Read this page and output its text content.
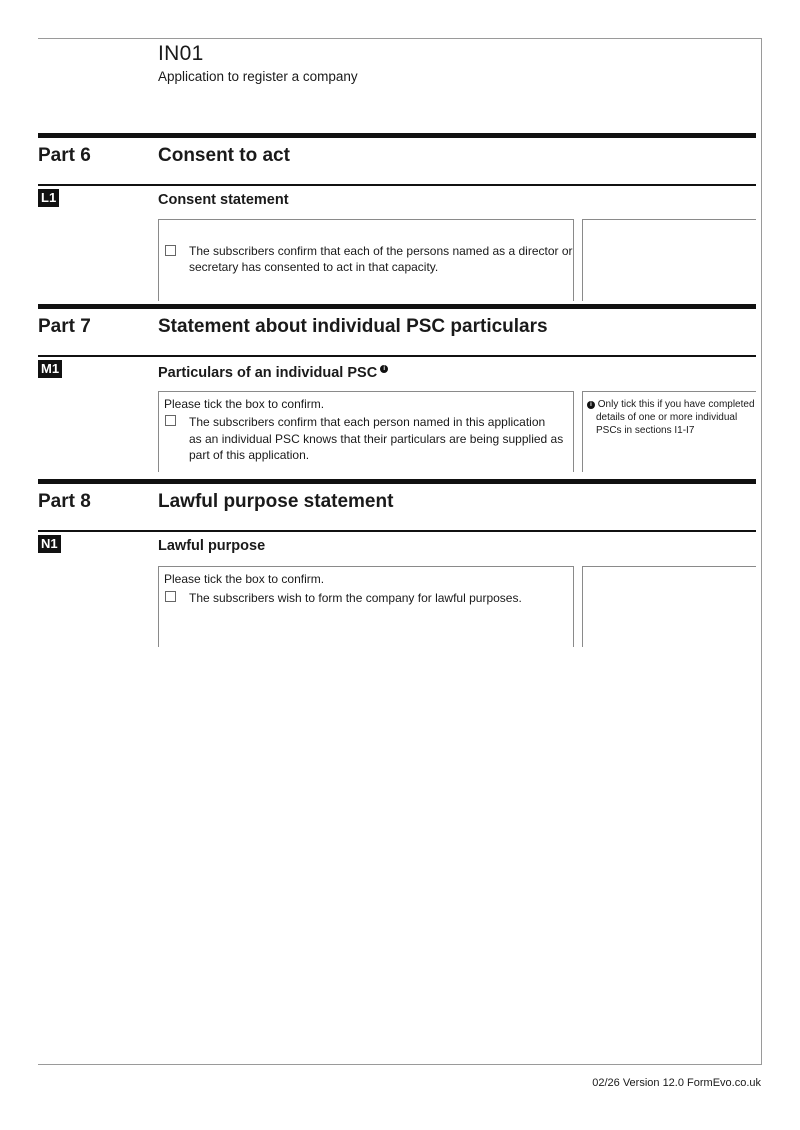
IN01
Application to register a company
Part 6	Consent to act
L1	Consent statement
The subscribers confirm that each of the persons named as a director or
secretary has consented to act in that capacity.
Part 7	Statement about individual PSC particulars
M1	Particulars of an individual PSC $^i$
Please tick the box to confirm.
The subscribers confirm that each person named in this application
as an individual PSC knows that their particulars are being supplied as
part of this application.
i Only tick this if you have completed
details of one or more individual
PSCs in sections I1-I7
Part 8	Lawful purpose statement
N1	Lawful purpose
Please tick the box to confirm.
The subscribers wish to form the company for lawful purposes.
02/26 Version 12.0 FormEvo.co.uk
